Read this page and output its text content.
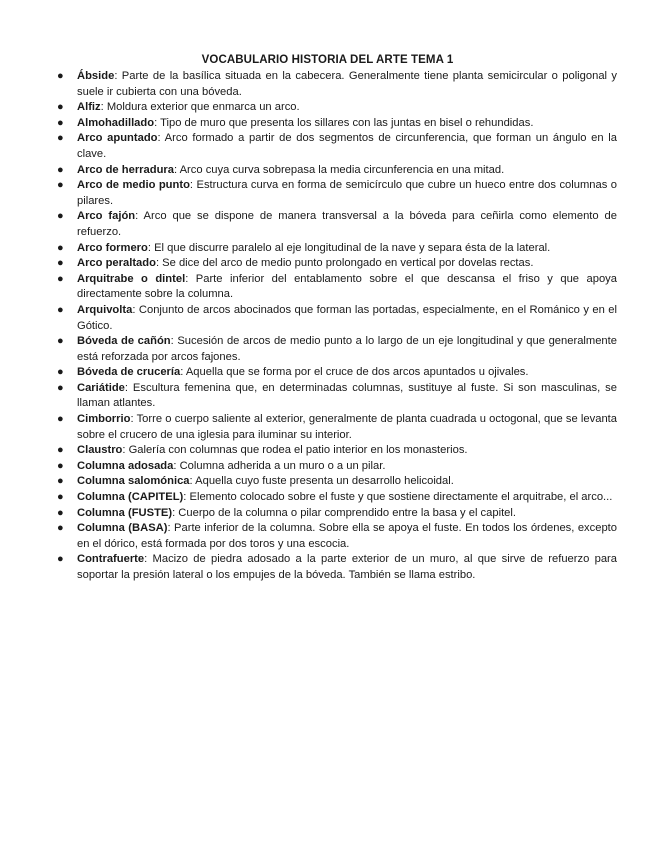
VOCABULARIO HISTORIA DEL ARTE TEMA 1
● Ábside: Parte de la basílica situada en la cabecera. Generalmente tiene planta semicircular o poligonal y suele ir cubierta con una bóveda.
● Alfiz: Moldura exterior que enmarca un arco.
● Almohadillado: Tipo de muro que presenta los sillares con las juntas en bisel o rehundidas.
● Arco apuntado: Arco formado a partir de dos segmentos de circunferencia, que forman un ángulo en la clave.
● Arco de herradura: Arco cuya curva sobrepasa la media circunferencia en una mitad.
● Arco de medio punto: Estructura curva en forma de semicírculo que cubre un hueco entre dos columnas o pilares.
● Arco fajón: Arco que se dispone de manera transversal a la bóveda para ceñirla como elemento de refuerzo.
● Arco formero: El que discurre paralelo al eje longitudinal de la nave y separa ésta de la lateral.
● Arco peraltado: Se dice del arco de medio punto prolongado en vertical por dovelas rectas.
● Arquitrabe o dintel: Parte inferior del entablamento sobre el que descansa el friso y que apoya directamente sobre la columna.
● Arquivolta: Conjunto de arcos abocinados que forman las portadas, especialmente, en el Románico y en el Gótico.
● Bóveda de cañón: Sucesión de arcos de medio punto a lo largo de un eje longitudinal y que generalmente está reforzada por arcos fajones.
● Bóveda de crucería: Aquella que se forma por el cruce de dos arcos apuntados u ojivales.
● Cariátide: Escultura femenina que, en determinadas columnas, sustituye al fuste. Si son masculinas, se llaman atlantes.
● Cimborrio: Torre o cuerpo saliente al exterior, generalmente de planta cuadrada u octogonal, que se levanta sobre el crucero de una iglesia para iluminar su interior.
● Claustro: Galería con columnas que rodea el patio interior en los monasterios.
● Columna adosada: Columna adherida a un muro o a un pilar.
● Columna salomónica: Aquella cuyo fuste presenta un desarrollo helicoidal.
● Columna (CAPITEL): Elemento colocado sobre el fuste y que sostiene directamente el arquitrabe, el arco...
● Columna (FUSTE): Cuerpo de la columna o pilar comprendido entre la basa y el capitel.
● Columna (BASA): Parte inferior de la columna. Sobre ella se apoya el fuste. En todos los órdenes, excepto en el dórico, está formada por dos toros y una escocia.
● Contrafuerte: Macizo de piedra adosado a la parte exterior de un muro, al que sirve de refuerzo para soportar la presión lateral o los empujes de la bóveda. También se llama estribo.
